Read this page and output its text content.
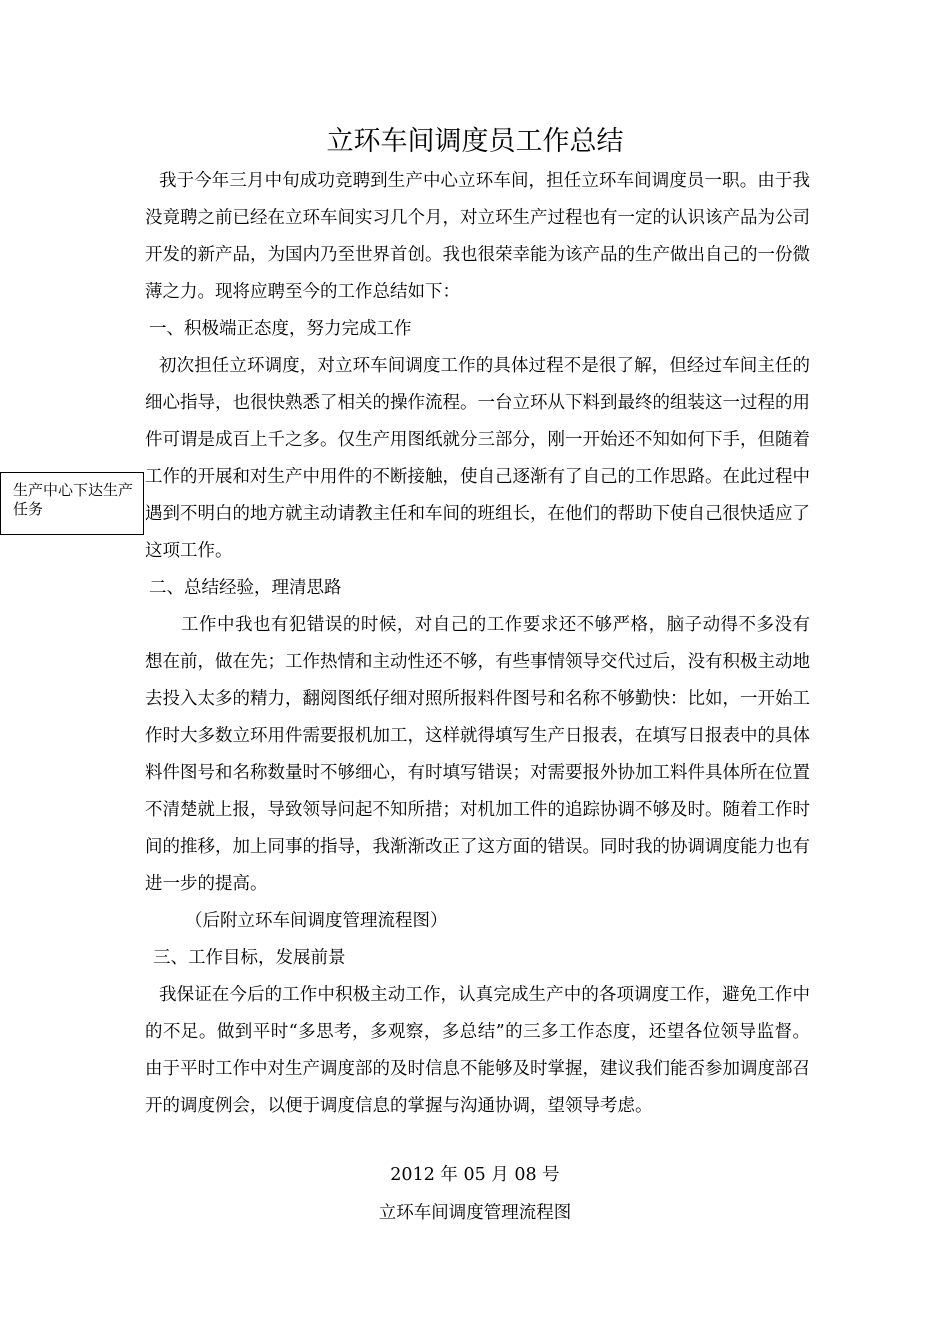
立环车间调度员工作总结

我于今年三月中旬成功竞聘到生产中心立环车间，担任立环车间调度员一职。由于我没竟聘之前已经在立环车间实习几个月，对立环生产过程也有一定的认识该产品为公司开发的新产品，为国内乃至世界首创。我也很荣幸能为该产品的生产做出自己的一份微薄之力。现将应聘至今的工作总结如下：

一、积极端正态度，努力完成工作

初次担任立环调度，对立环车间调度工作的具体过程不是很了解，但经过车间主任的细心指导，也很快熟悉了相关的操作流程。一台立环从下料到最终的组装这一过程的用件可谓是成百上千之多。仅生产用图纸就分三部分，刚一开始还不知如何下手，但随着工作的开展和对生产中用件的不断接触，使自己逐渐有了自己的工作思路。在此过程中遇到不明白的地方就主动请教主任和车间的班组长，在他们的帮助下使自己很快适应了这项工作。

二、总结经验，理清思路

工作中我也有犯错误的时候，对自己的工作要求还不够严格，脑子动得不多没有想在前，做在先；工作热情和主动性还不够，有些事情领导交代过后，没有积极主动地去投入太多的精力，翻阅图纸仔细对照所报料件图号和名称不够勤快：比如，一开始工作时大多数立环用件需要报机加工，这样就得填写生产日报表，在填写日报表中的具体料件图号和名称数量时不够细心，有时填写错误；对需要报外协加工料件具体所在位置不清楚就上报，导致领导问起不知所措；对机加工件的追踪协调不够及时。随着工作时间的推移，加上同事的指导，我渐渐改正了这方面的错误。同时我的协调调度能力也有进一步的提高。

（后附立环车间调度管理流程图）

三、工作目标，发展前景

我保证在今后的工作中积极主动工作，认真完成生产中的各项调度工作，避免工作中的不足。做到平时“多思考，多观察，多总结”的三多工作态度，还望各位领导监督。由于平时工作中对生产调度部的及时信息不能够及时掌握，建议我们能否参加调度部召开的调度例会，以便于调度信息的掌握与沟通协调，望领导考虑。

生产中心下达生产任务
2012 年 05 月 08 号
立环车间调度管理流程图
